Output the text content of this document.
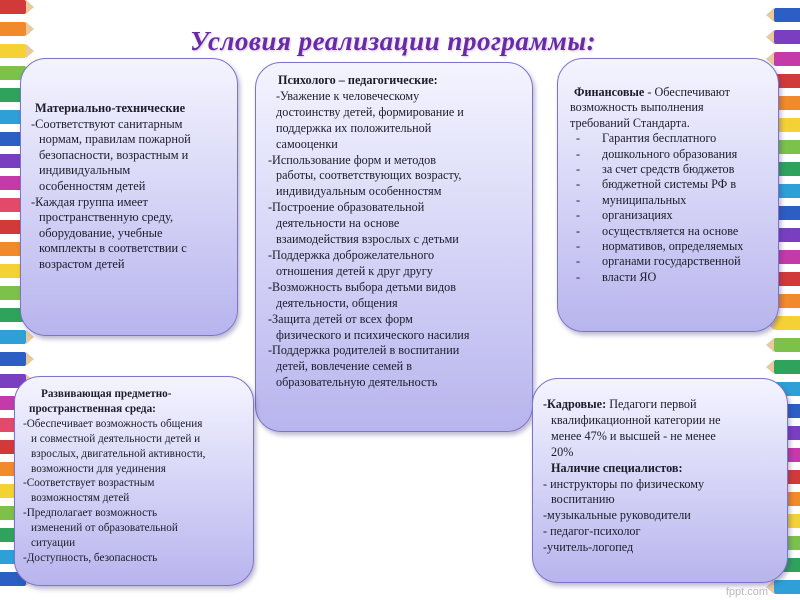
Условия реализации программы:

Материально-технические

-Соответствуют санитарным

нормам, правилам пожарной

безопасности, возрастным и

индивидуальным

особенностям детей

-Каждая группа имеет

пространственную среду,

оборудование, учебные

комплекты в соответствии с

возрастом детей

Психолого – педагогические:

-Уважение к человеческому

достоинству детей, формирование и

поддержка их положительной

самооценки

-Использование форм и методов

работы, соответствующих возрасту,

индивидуальным особенностям

-Построение образовательной

деятельности на основе

взаимодействия взрослых с детьми

-Поддержка доброжелательного

отношения детей к друг другу

-Возможность выбора детьми видов

деятельности, общения

-Защита детей от всех форм

физического и психического насилия

-Поддержка родителей в воспитании

детей, вовлечение семей в

образовательную деятельность

Финансовые - Обеспечивают

возможность выполнения

требований Стандарта.

- Гарантия бесплатного
- дошкольного образования
- за счет средств бюджетов
- бюджетной системы РФ в
- муниципальных
- организациях
- осуществляется на основе
- нормативов, определяемых
- органами государственной
- власти ЯО

Развивающая предметно-

пространственная среда:

-Обеспечивает возможность общения

и совместной деятельности детей и

взрослых, двигательной активности,

возможности для уединения

-Соответствует возрастным

возможностям детей

-Предполагает возможность

изменений от образовательной

ситуации

-Доступность, безопасность

-Кадровые: Педагоги первой

квалификационной категории не

менее 47% и высшей - не менее

20%

Наличие специалистов:

- инструкторы по физическому

воспитанию

-музыкальные руководители

- педагог-психолог

-учитель-логопед

fppt.com
